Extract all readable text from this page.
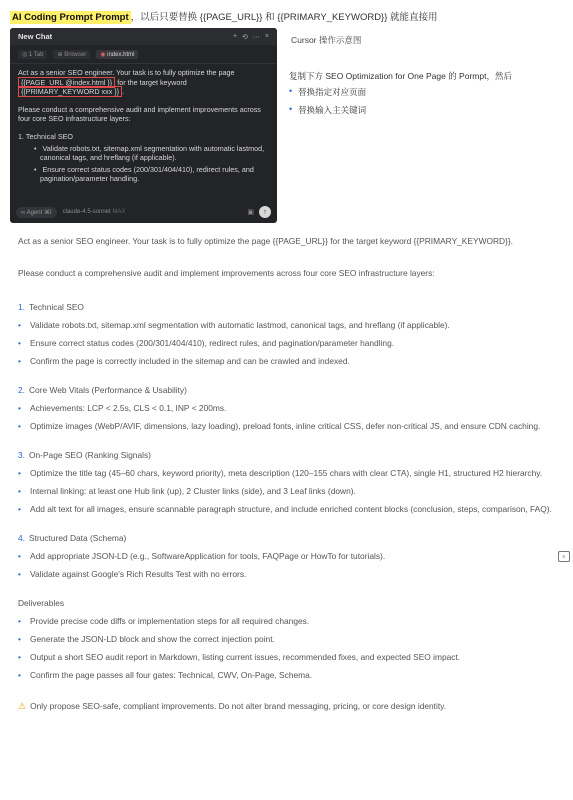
AI Coding Prompt Prompt ，以后只要替换 {{PAGE_URL}} 和 {{PRIMARY_KEYWORD}} 就能直接用
New Chat	+ ⟲ ⋯ ×
◎ 1 Tab	⊕ Browser	◉ index.html

Act as a senior SEO engineer. Your task is to fully optimize the page {{PAGE_URL @index.html }} for the target keyword {{PRIMARY_KEYWORD xxx }} .

Please conduct a comprehensive audit and implement improvements across four core SEO infrastructure layers:

1. Technical SEO

•   Validate robots.txt, sitemap.xml segmentation with automatic lastmod, canonical tags, and hreflang (if applicable).
•   Ensure correct status codes (200/301/404/410), redirect rules, and pagination/parameter handling.
∞ Agent ⌘I	claude-4.5-sonnet MAX	▣ ↑
Cursor 操作示意图
复制下方 SEO Optimization for One Page 的 Pormpt，然后
• 替换指定对应页面
• 替换输入主关键词

Act as a senior SEO engineer. Your task is to fully optimize the page {{PAGE_URL}} for the target keyword {{PRIMARY_KEYWORD}}.

Please conduct a comprehensive audit and implement improvements across four core SEO infrastructure layers:

1. Technical SEO
• Validate robots.txt, sitemap.xml segmentation with automatic lastmod, canonical tags, and hreflang (if applicable).
• Ensure correct status codes (200/301/404/410), redirect rules, and pagination/parameter handling.
• Confirm the page is correctly included in the sitemap and can be crawled and indexed.
2. Core Web Vitals (Performance & Usability)
• Achievements: LCP < 2.5s, CLS < 0.1, INP < 200ms.
• Optimize images (WebP/AVIF, dimensions, lazy loading), preload fonts, inline critical CSS, defer non-critical JS, and ensure CDN caching.
3. On-Page SEO (Ranking Signals)
• Optimize the title tag (45–60 chars, keyword priority), meta description (120–155 chars with clear CTA), single H1, structured H2 hierarchy.
• Internal linking: at least one Hub link (up), 2 Cluster links (side), and 3 Leaf links (down).
• Add alt text for all images, ensure scannable paragraph structure, and include enriched content blocks (conclusion, steps, comparison, FAQ).
4. Structured Data (Schema)
• Add appropriate JSON-LD (e.g., SoftwareApplication for tools, FAQPage or HowTo for tutorials).
• Validate against Google's Rich Results Test with no errors.
Deliverables
• Provide precise code diffs or implementation steps for all required changes.
• Generate the JSON-LD block and show the correct injection point.
• Output a short SEO audit report in Markdown, listing current issues, recommended fixes, and expected SEO impact.
• Confirm the page passes all four gates: Technical, CWV, On-Page, Schema.
⚠ Only propose SEO-safe, compliant improvements. Do not alter brand messaging, pricing, or core design identity.
≡
